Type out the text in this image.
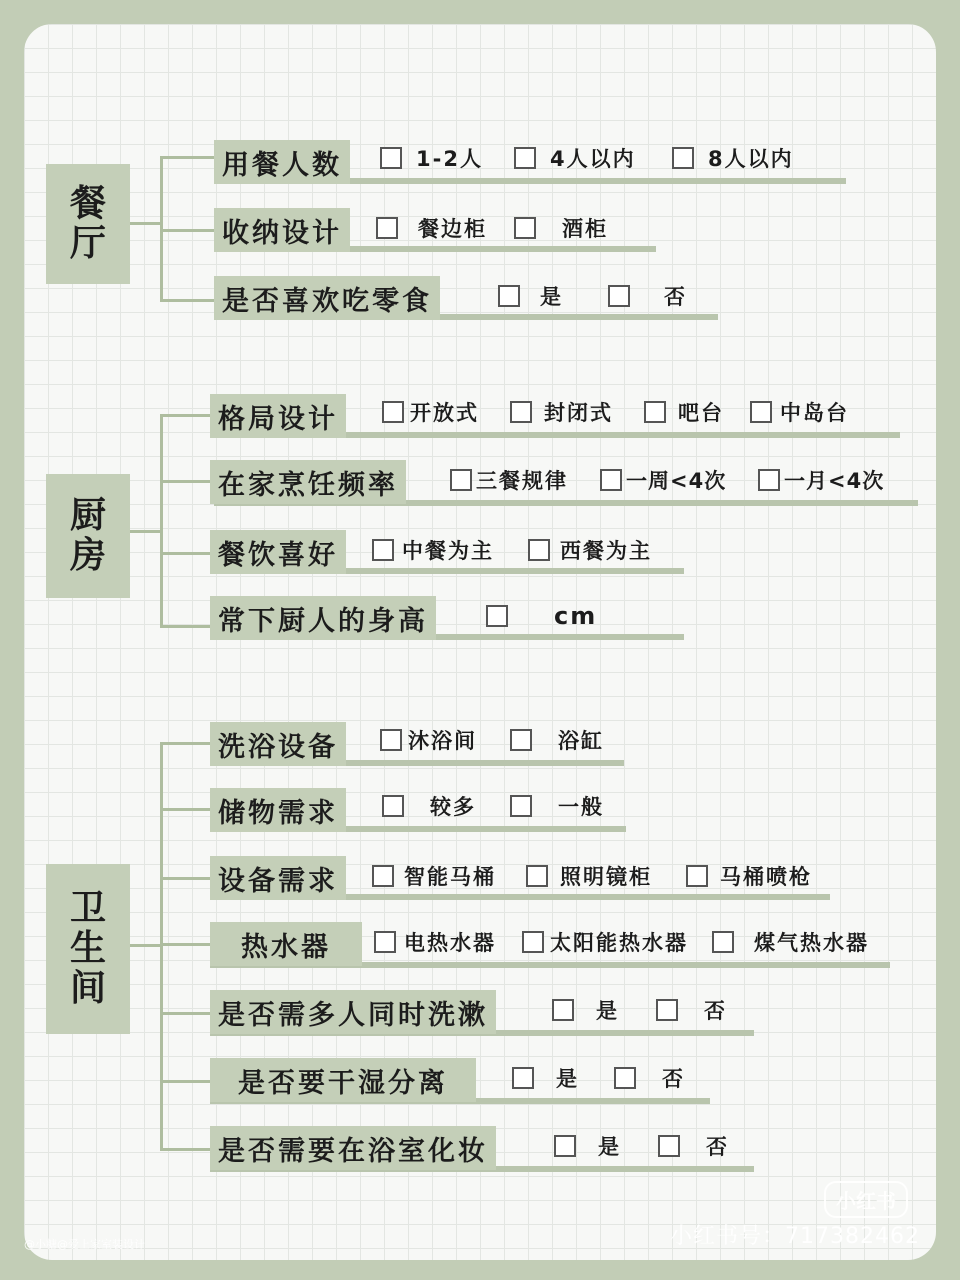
餐厅
用餐人数	1-2人	4人以内	8人以内
收纳设计	餐边柜	酒柜
是否喜欢吃零食	是	否
厨房
格局设计	开放式	封闭式	吧台	中岛台
在家烹饪频率	三餐规律	一周<4次	一月<4次
餐饮喜好	中餐为主	西餐为主
常下厨人的身高	cm
卫生间
洗浴设备	沐浴间	浴缸
储物需求	较多	一般
设备需求	智能马桶	照明镜柜	马桶喷枪
热水器	电热水器	太阳能热水器	煤气热水器
是否需多人同时洗漱	是	否
是否要干湿分离	是	否
是否需要在浴室化妆	是	否
小红书
小红书号：717382462
@小糖@爱上家室装设计
